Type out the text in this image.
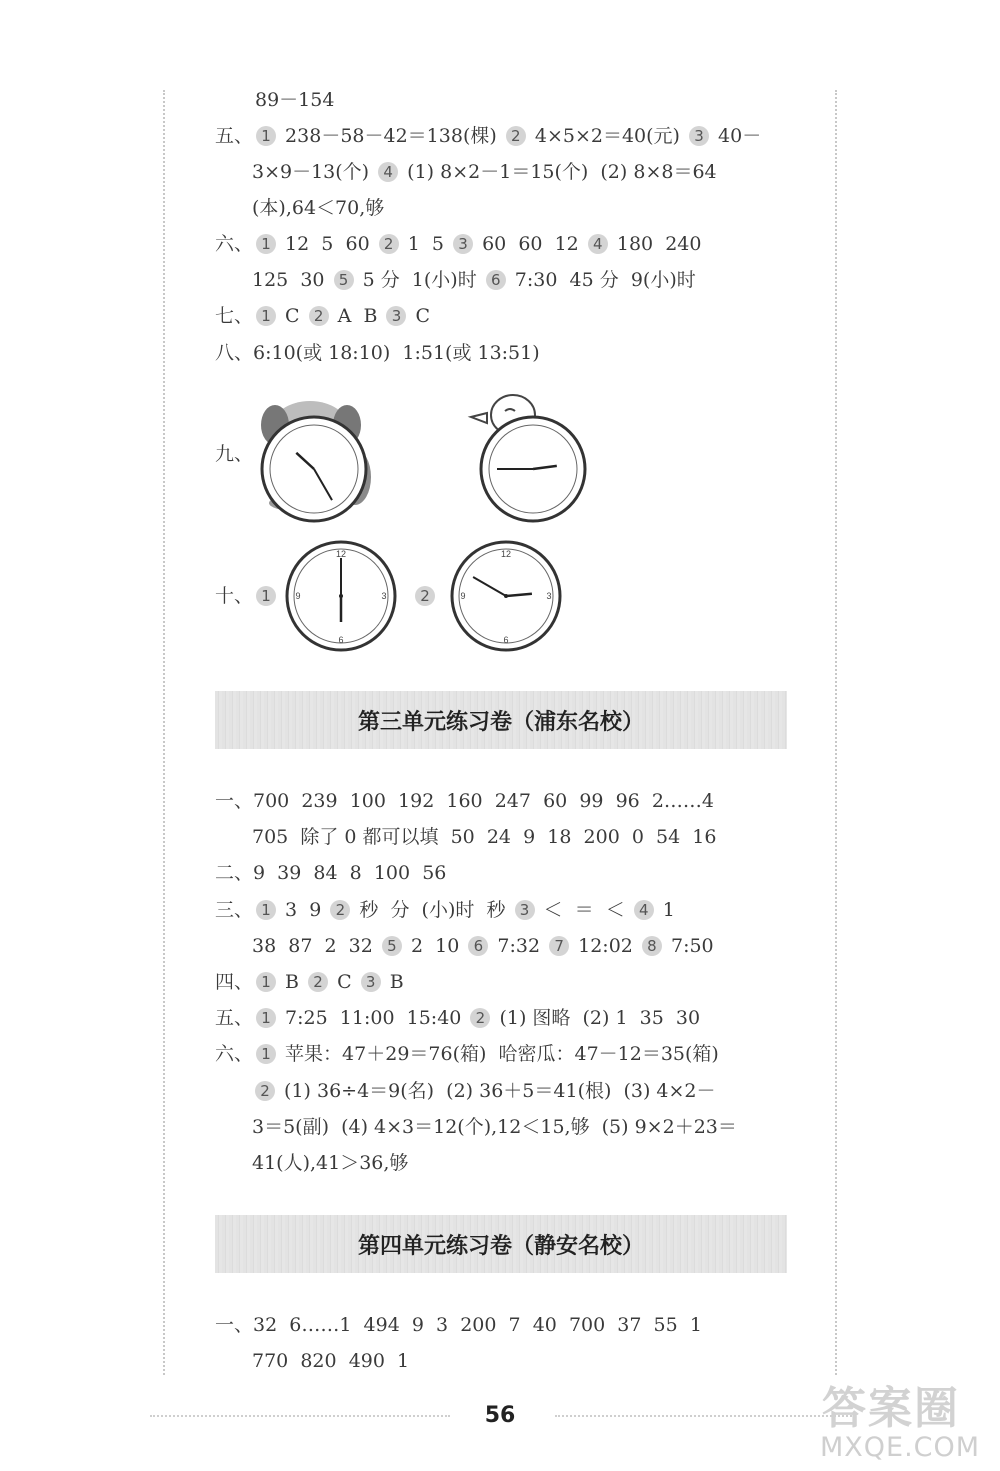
89－154
五、 1 238－58－42＝138(棵) 2 4×5×2＝40(元) 3 40－
3×9－13(个) 4 (1) 8×2－1＝15(个)  (2) 8×8＝64
(本),64＜70,够
六、 1 12  5  60 2 1  5 3 60  60  12 4 180  240
125  30 5 5 分  1(小)时 6 7:30  45 分  9(小)时
七、 1 C 2 A  B 3 C
八、6:10(或 18:10)  1:51(或 13:51)
九、
十、 1	2
12
3
6
9
12
3
6
9
第三单元练习卷（浦东名校）
一、700  239  100  192  160  247  60  99  96  2……4
705  除了 0 都可以填  50  24  9  18  200  0  54  16
二、9  39  84  8  100  56
三、 1 3  9 2 秒  分  (小)时  秒 3 ＜  ＝  ＜ 4 1
38  87  2  32 5 2  10 6 7:32 7 12:02 8 7:50
四、 1 B 2 C 3 B
五、 1 7:25  11:00  15:40 2 (1) 图略  (2) 1  35  30
六、 1 苹果：47＋29＝76(箱)  哈密瓜：47－12＝35(箱)
2 (1) 36÷4＝9(名)  (2) 36＋5＝41(根)  (3) 4×2－
3＝5(副)  (4) 4×3＝12(个),12＜15,够  (5) 9×2＋23＝
41(人),41＞36,够
第四单元练习卷（静安名校）
一、32  6……1  494  9  3  200  7  40  700  37  55  1
770  820  490  1
56	答案圈
MXQE.COM
